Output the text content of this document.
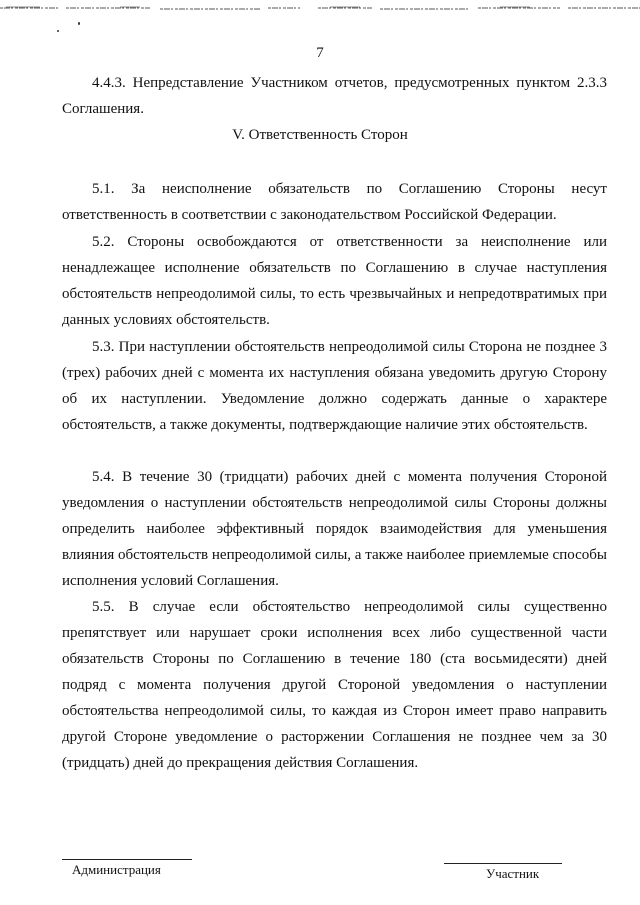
7
4.4.3. Непредставление Участником отчетов, предусмотренных пунктом 2.3.3 Соглашения.
V. Ответственность Сторон
5.1. За неисполнение обязательств по Соглашению Стороны несут ответственность в соответствии с законодательством Российской Федерации.
5.2. Стороны освобождаются от ответственности за неисполнение или ненадлежащее исполнение обязательств по Соглашению в случае наступления обстоятельств непреодолимой силы, то есть чрезвычайных и непредотвратимых при данных условиях обстоятельств.
5.3. При наступлении обстоятельств непреодолимой силы Сторона не позднее 3 (трех) рабочих дней с момента их наступления обязана уведомить другую Сторону об их наступлении. Уведомление должно содержать данные о характере обстоятельств, а также документы, подтверждающие наличие этих обстоятельств.
5.4. В течение 30 (тридцати) рабочих дней с момента получения Стороной уведомления о наступлении обстоятельств непреодолимой силы Стороны должны определить наиболее эффективный порядок взаимодействия для уменьшения влияния обстоятельств непреодолимой силы, а также наиболее приемлемые способы исполнения условий Соглашения.
5.5. В случае если обстоятельство непреодолимой силы существенно препятствует или нарушает сроки исполнения всех либо существенной части обязательств Стороны по Соглашению в течение 180 (ста восьмидесяти) дней подряд с момента получения другой Стороной уведомления о наступлении обстоятельства непреодолимой силы, то каждая из Сторон имеет право направить другой Стороне уведомление о расторжении Соглашения не позднее чем за 30 (тридцать) дней до прекращения действия Соглашения.
Администрация	Участник
